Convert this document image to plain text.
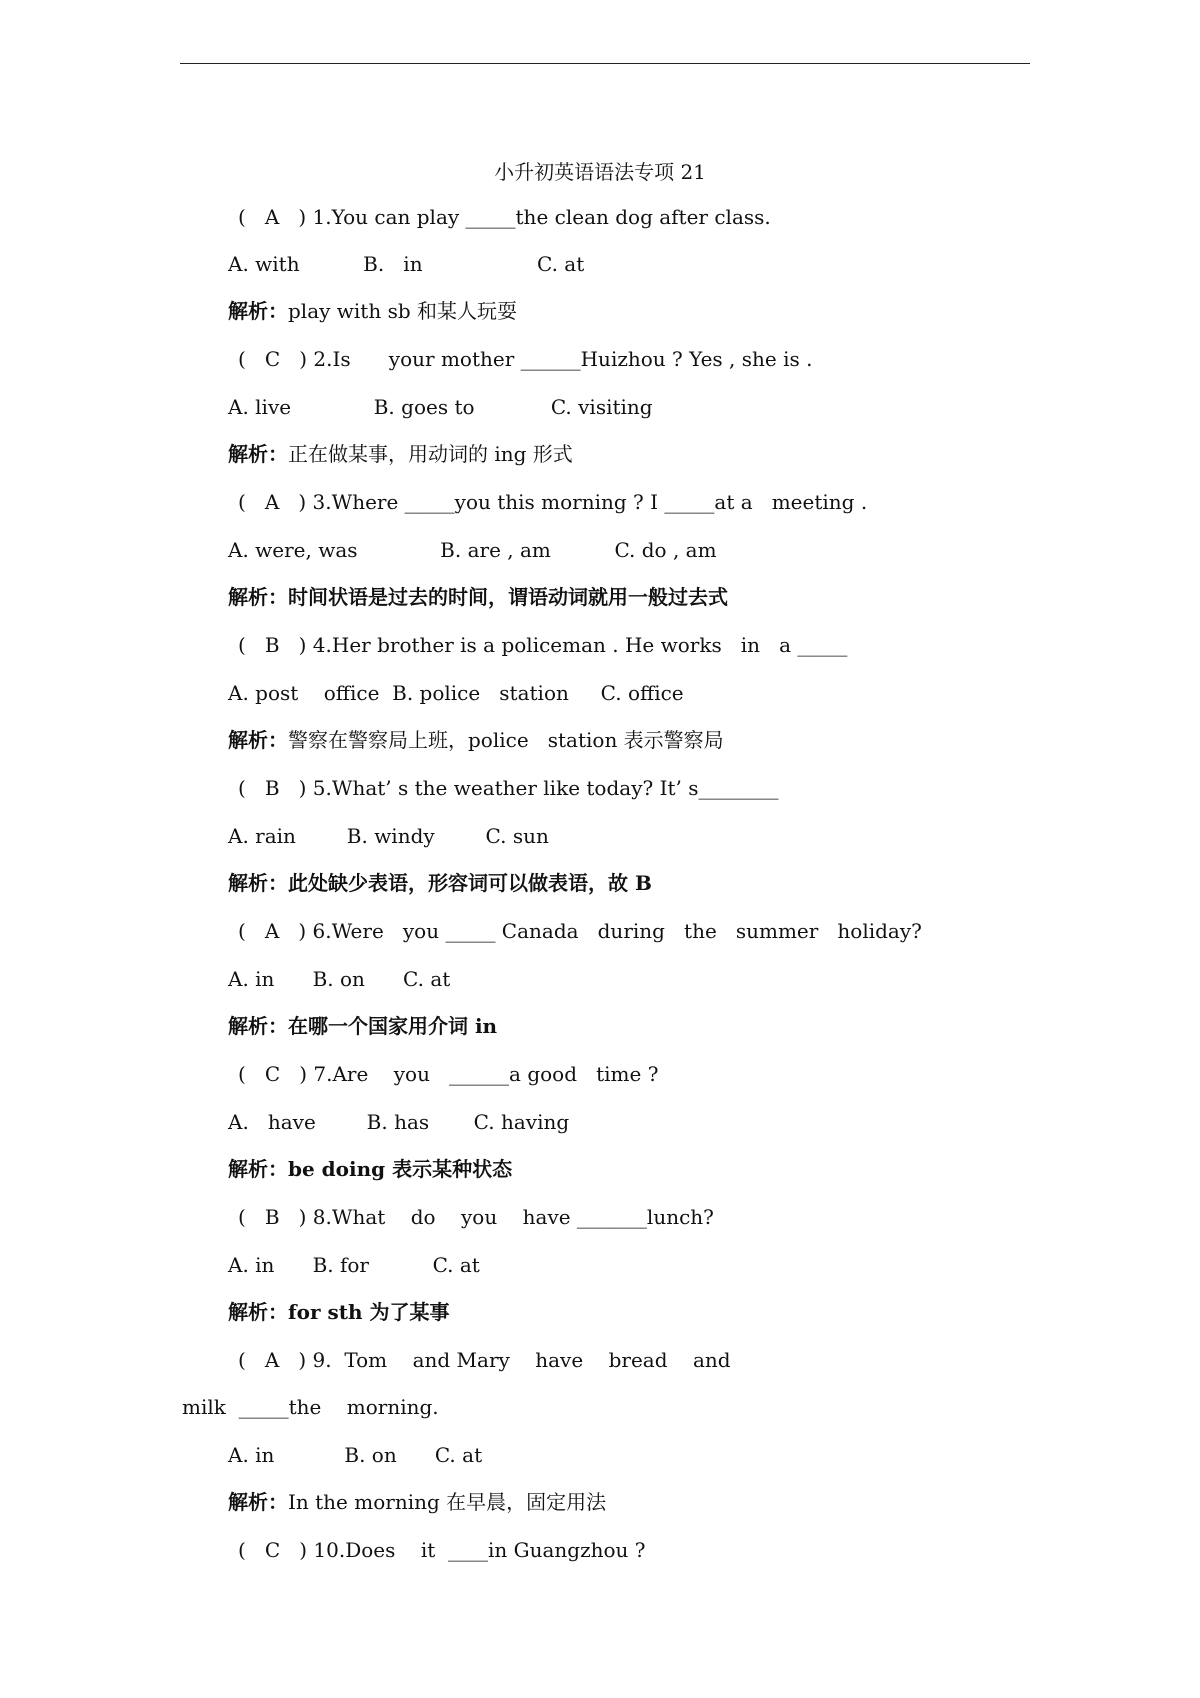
小升初英语语法专项 21
(   A   ) 1.You can play _____the clean dog after class.
A. with          B.   in                  C. at
解析：play with sb 和某人玩耍
(   C   ) 2.Is      your mother ______Huizhou ? Yes , she is .
A. live             B. goes to            C. visiting
解析：正在做某事，用动词的 ing 形式
(   A   ) 3.Where _____you this morning ? I _____at a   meeting .
A. were, was             B. are , am          C. do , am
解析：时间状语是过去的时间，谓语动词就用一般过去式
(   B   ) 4.Her brother is a policeman . He works   in   a _____
A. post    office  B. police   station     C. office
解析：警察在警察局上班，police   station 表示警察局
(   B   ) 5.What’ s the weather like today? It’ s________
A. rain        B. windy        C. sun
解析：此处缺少表语，形容词可以做表语，故 B
(   A   ) 6.Were   you _____ Canada   during   the   summer   holiday?
A. in      B. on      C. at
解析：在哪一个国家用介词 in
(   C   ) 7.Are    you   ______a good   time ?
A.   have        B. has       C. having
解析：be doing 表示某种状态
(   B   ) 8.What    do    you    have _______lunch?
A. in      B. for          C. at
解析：for sth 为了某事
(   A   ) 9.  Tom    and Mary    have    bread    and
milk  _____the    morning.
A. in           B. on      C. at
解析：In the morning 在早晨，固定用法
(   C   ) 10.Does    it  ____in Guangzhou ?
